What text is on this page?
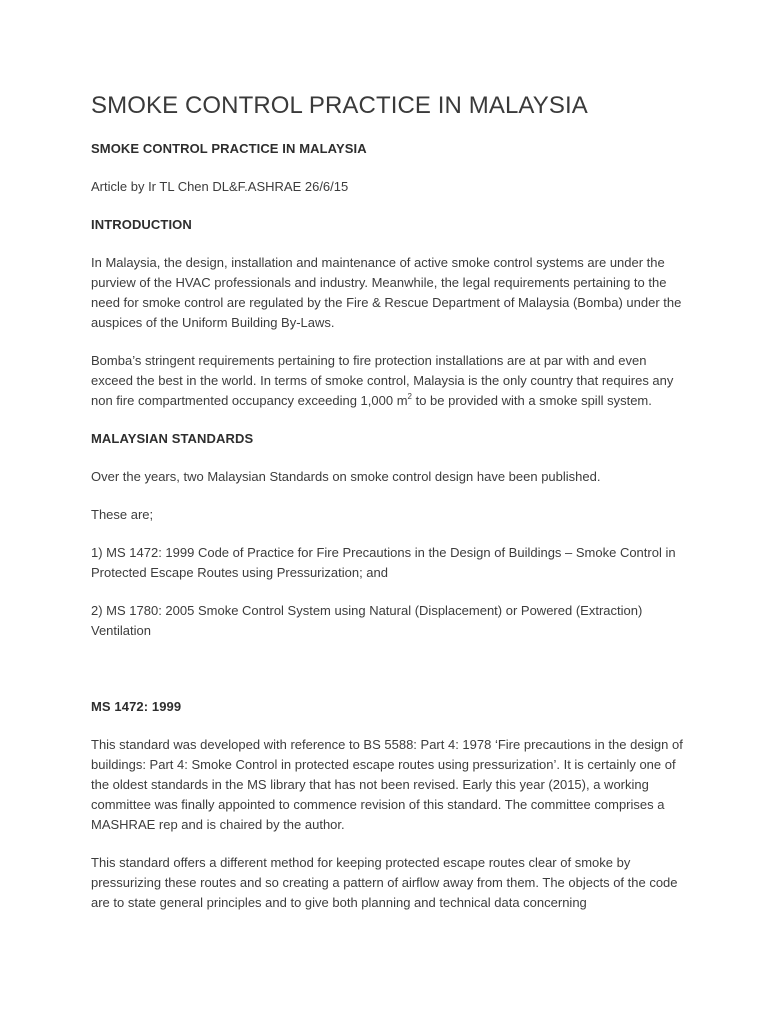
SMOKE CONTROL PRACTICE IN MALAYSIA

SMOKE CONTROL PRACTICE IN MALAYSIA

Article by Ir TL Chen DL&F.ASHRAE 26/6/15

INTRODUCTION

In Malaysia, the design, installation and maintenance of active smoke control systems are under the purview of the HVAC professionals and industry. Meanwhile, the legal requirements pertaining to the need for smoke control are regulated by the Fire & Rescue Department of Malaysia (Bomba) under the auspices of the Uniform Building By-Laws.

Bomba’s stringent requirements pertaining to fire protection installations are at par with and even exceed the best in the world. In terms of smoke control, Malaysia is the only country that requires any non fire compartmented occupancy exceeding 1,000 $m^2$ to be provided with a smoke spill system.

MALAYSIAN STANDARDS

Over the years, two Malaysian Standards on smoke control design have been published.

These are;

1) MS 1472: 1999 Code of Practice for Fire Precautions in the Design of Buildings – Smoke Control in Protected Escape Routes using Pressurization; and

2) MS 1780: 2005 Smoke Control System using Natural (Displacement) or Powered (Extraction) Ventilation

MS 1472: 1999

This standard was developed with reference to BS 5588: Part 4: 1978 ‘Fire precautions in the design of buildings: Part 4: Smoke Control in protected escape routes using pressurization’. It is certainly one of the oldest standards in the MS library that has not been revised. Early this year (2015), a working committee was finally appointed to commence revision of this standard. The committee comprises a MASHRAE rep and is chaired by the author.

This standard offers a different method for keeping protected escape routes clear of smoke by pressurizing these routes and so creating a pattern of airflow away from them. The objects of the code are to state general principles and to give both planning and technical data concerning
